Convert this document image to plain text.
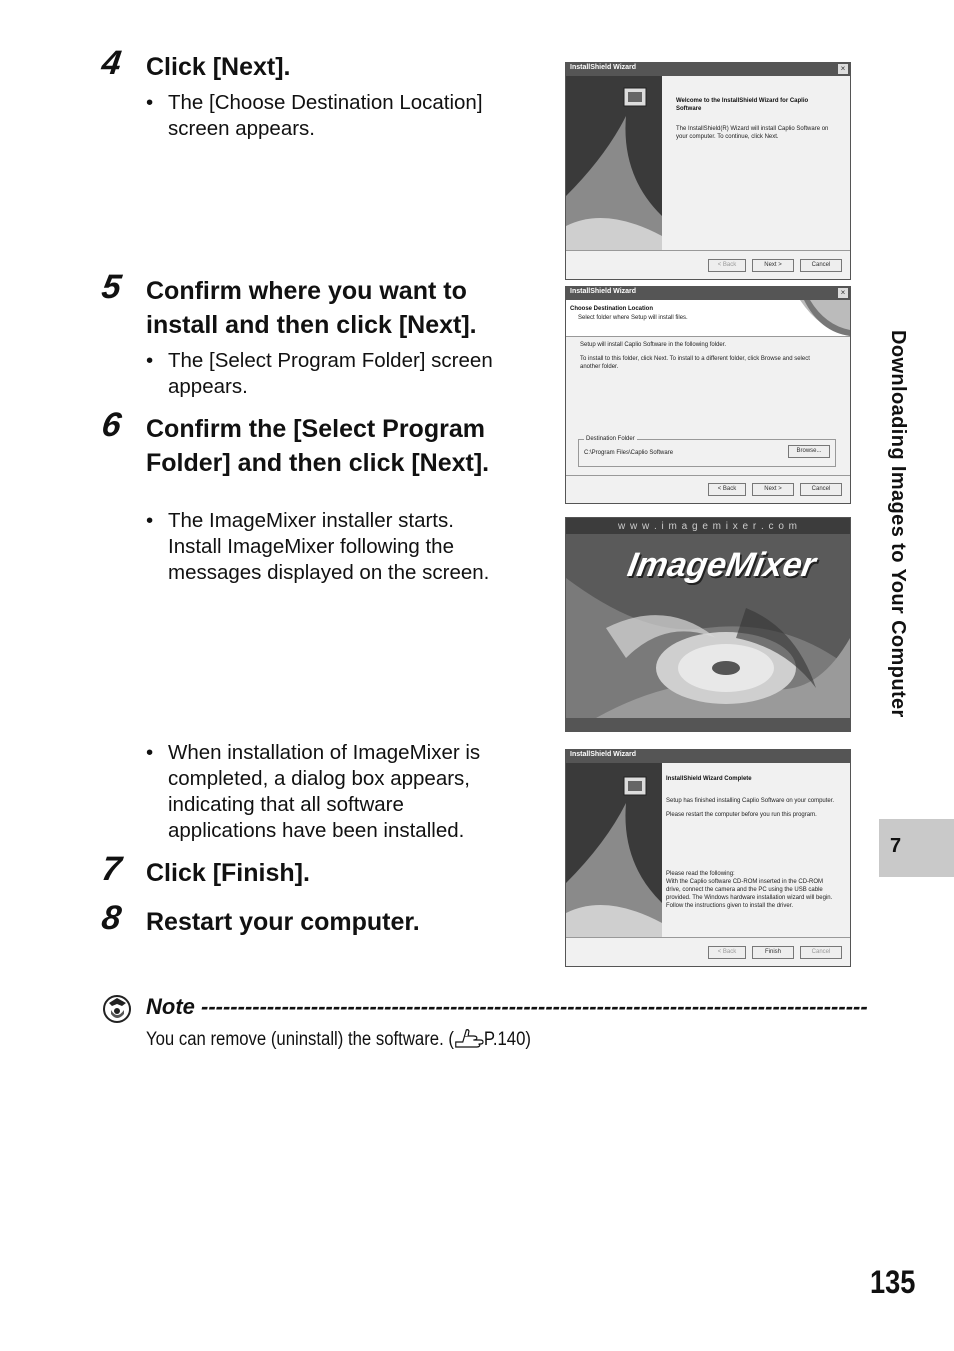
4 Click [Next].
• The [Choose Destination Location]
screen appears.
InstallShield Wizard	×
Welcome to the InstallShield Wizard for Caplio
Software
The InstallShield(R) Wizard will install Caplio Software on
your computer. To continue, click Next.
< Back	Next >	Cancel
5 Confirm where you want to
install and then click [Next].
• The [Select Program Folder] screen
appears.
InstallShield Wizard	×
Choose Destination Location
Select folder where Setup will install files.
Setup will install Caplio Software in the following folder.
To install to this folder, click Next. To install to a different folder, click Browse and select
another folder.
Destination Folder
C:\Program Files\Caplio Software	Browse...
< Back	Next >	Cancel
6 Confirm the [Select Program
Folder] and then click [Next].
• The ImageMixer installer starts.
Install ImageMixer following the
messages displayed on the screen.
w w w . i m a g e m i x e r . c o m
ImageMixer
• When installation of ImageMixer is
completed, a dialog box appears,
indicating that all software
applications have been installed.
InstallShield Wizard
InstallShield Wizard Complete
Setup has finished installing Caplio Software on your computer.
Please restart the computer before you run this program.
Please read the following:
With the Caplio software CD-ROM inserted in the CD-ROM
drive, connect the camera and the PC using the USB cable
provided. The Windows hardware installation wizard will begin.
Follow the instructions given to install the driver.
< Back	Finish	Cancel
7 Click [Finish].
8 Restart your computer.
Note -------------------------------------------------------------------------------------------
You can remove (uninstall) the software. ( P.140)
Downloading Images to Your Computer
7
135
